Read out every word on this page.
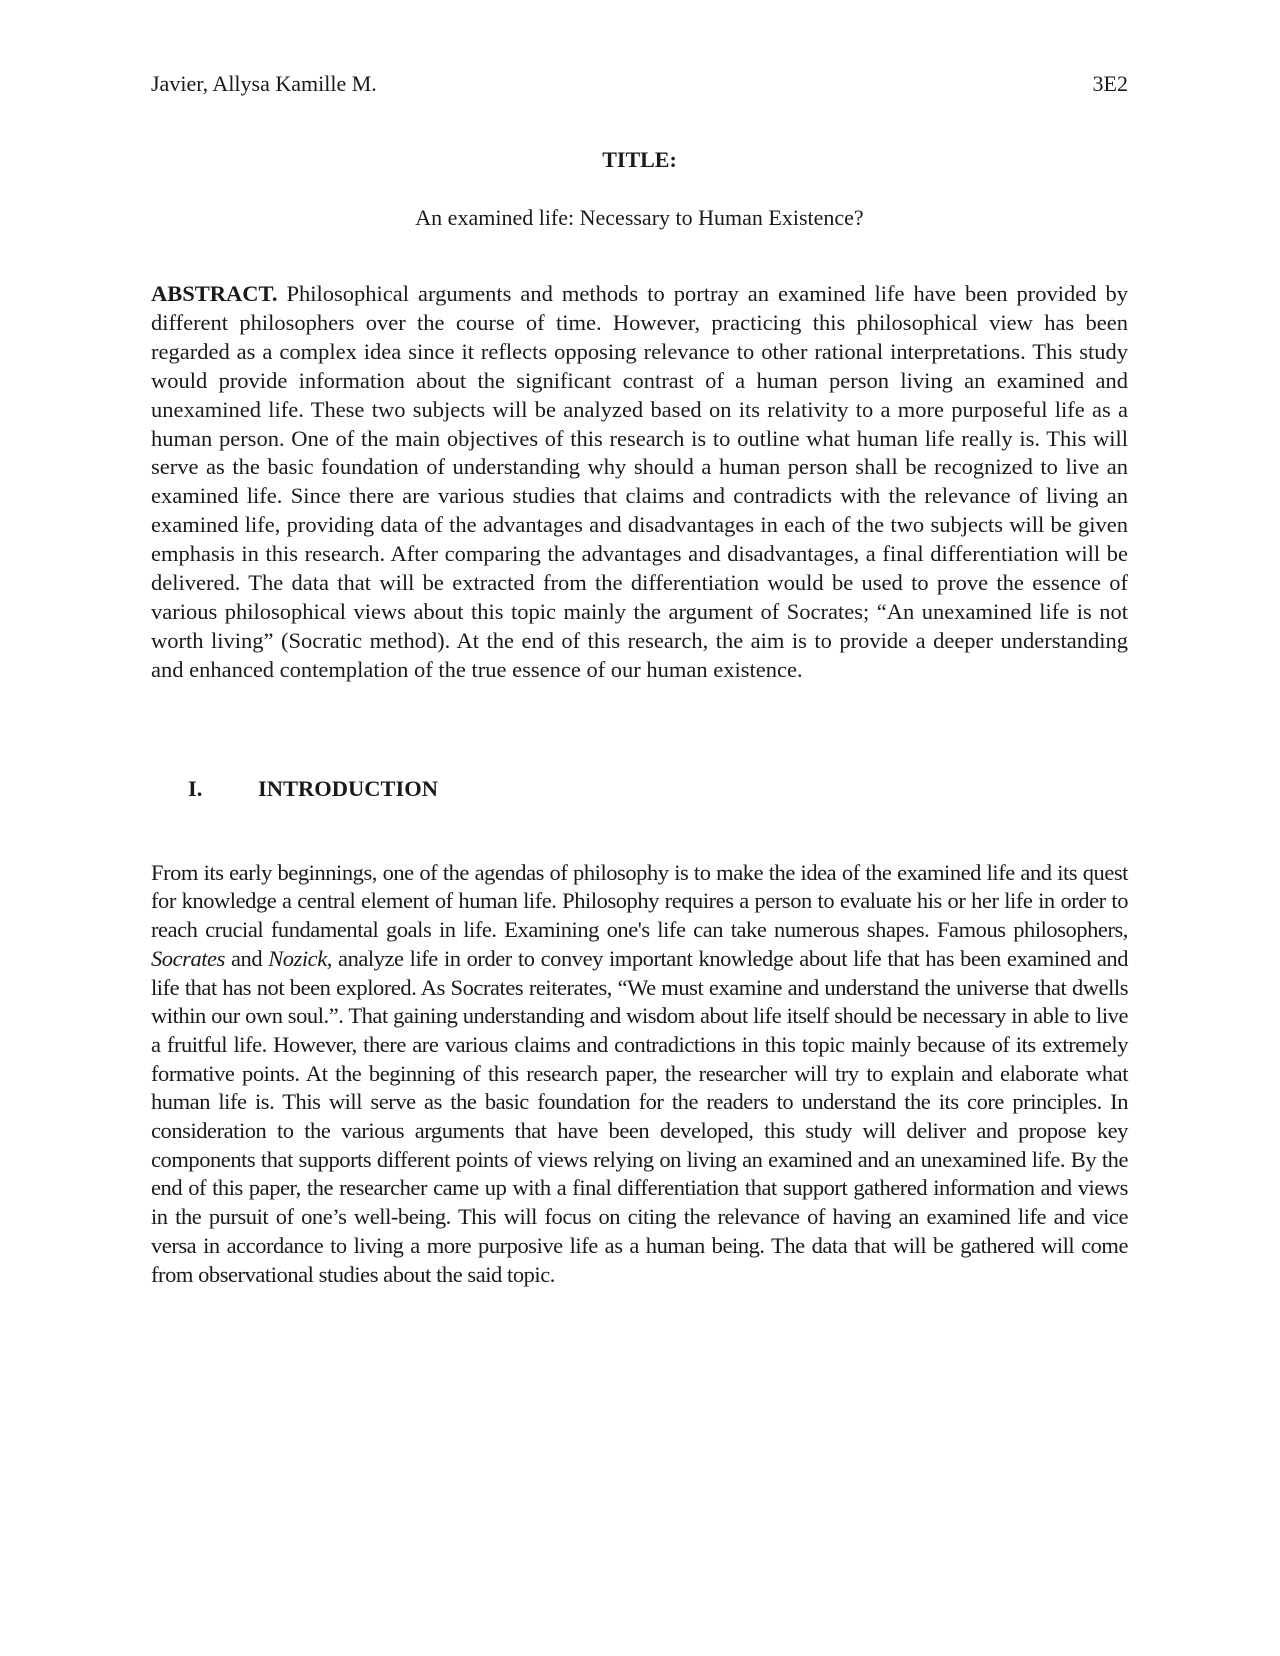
Javier, Allysa Kamille M.	3E2
TITLE:
An examined life: Necessary to Human Existence?

ABSTRACT. Philosophical arguments and methods to portray an examined life have been provided by different philosophers over the course of time. However, practicing this philosophical view has been regarded as a complex idea since it reflects opposing relevance to other rational interpretations. This study would provide information about the significant contrast of a human person living an examined and unexamined life. These two subjects will be analyzed based on its relativity to a more purposeful life as a human person. One of the main objectives of this research is to outline what human life really is. This will serve as the basic foundation of understanding why should a human person shall be recognized to live an examined life. Since there are various studies that claims and contradicts with the relevance of living an examined life, providing data of the advantages and disadvantages in each of the two subjects will be given emphasis in this research. After comparing the advantages and disadvantages, a final differentiation will be delivered. The data that will be extracted from the differentiation would be used to prove the essence of various philosophical views about this topic mainly the argument of Socrates; “An unexamined life is not worth living” (Socratic method). At the end of this research, the aim is to provide a deeper understanding and enhanced contemplation of the true essence of our human existence.

I.	INTRODUCTION

From its early beginnings, one of the agendas of philosophy is to make the idea of the examined life and its quest for knowledge a central element of human life. Philosophy requires a person to evaluate his or her life in order to reach crucial fundamental goals in life. Examining one's life can take numerous shapes. Famous philosophers, Socrates and Nozick, analyze life in order to convey important knowledge about life that has been examined and life that has not been explored. As Socrates reiterates, “We must examine and understand the universe that dwells within our own soul.”. That gaining understanding and wisdom about life itself should be necessary in able to live a fruitful life. However, there are various claims and contradictions in this topic mainly because of its extremely formative points. At the beginning of this research paper, the researcher will try to explain and elaborate what human life is. This will serve as the basic foundation for the readers to understand the its core principles. In consideration to the various arguments that have been developed, this study will deliver and propose key components that supports different points of views relying on living an examined and an unexamined life. By the end of this paper, the researcher came up with a final differentiation that support gathered information and views in the pursuit of one’s well-being. This will focus on citing the relevance of having an examined life and vice versa in accordance to living a more purposive life as a human being. The data that will be gathered will come from observational studies about the said topic.
